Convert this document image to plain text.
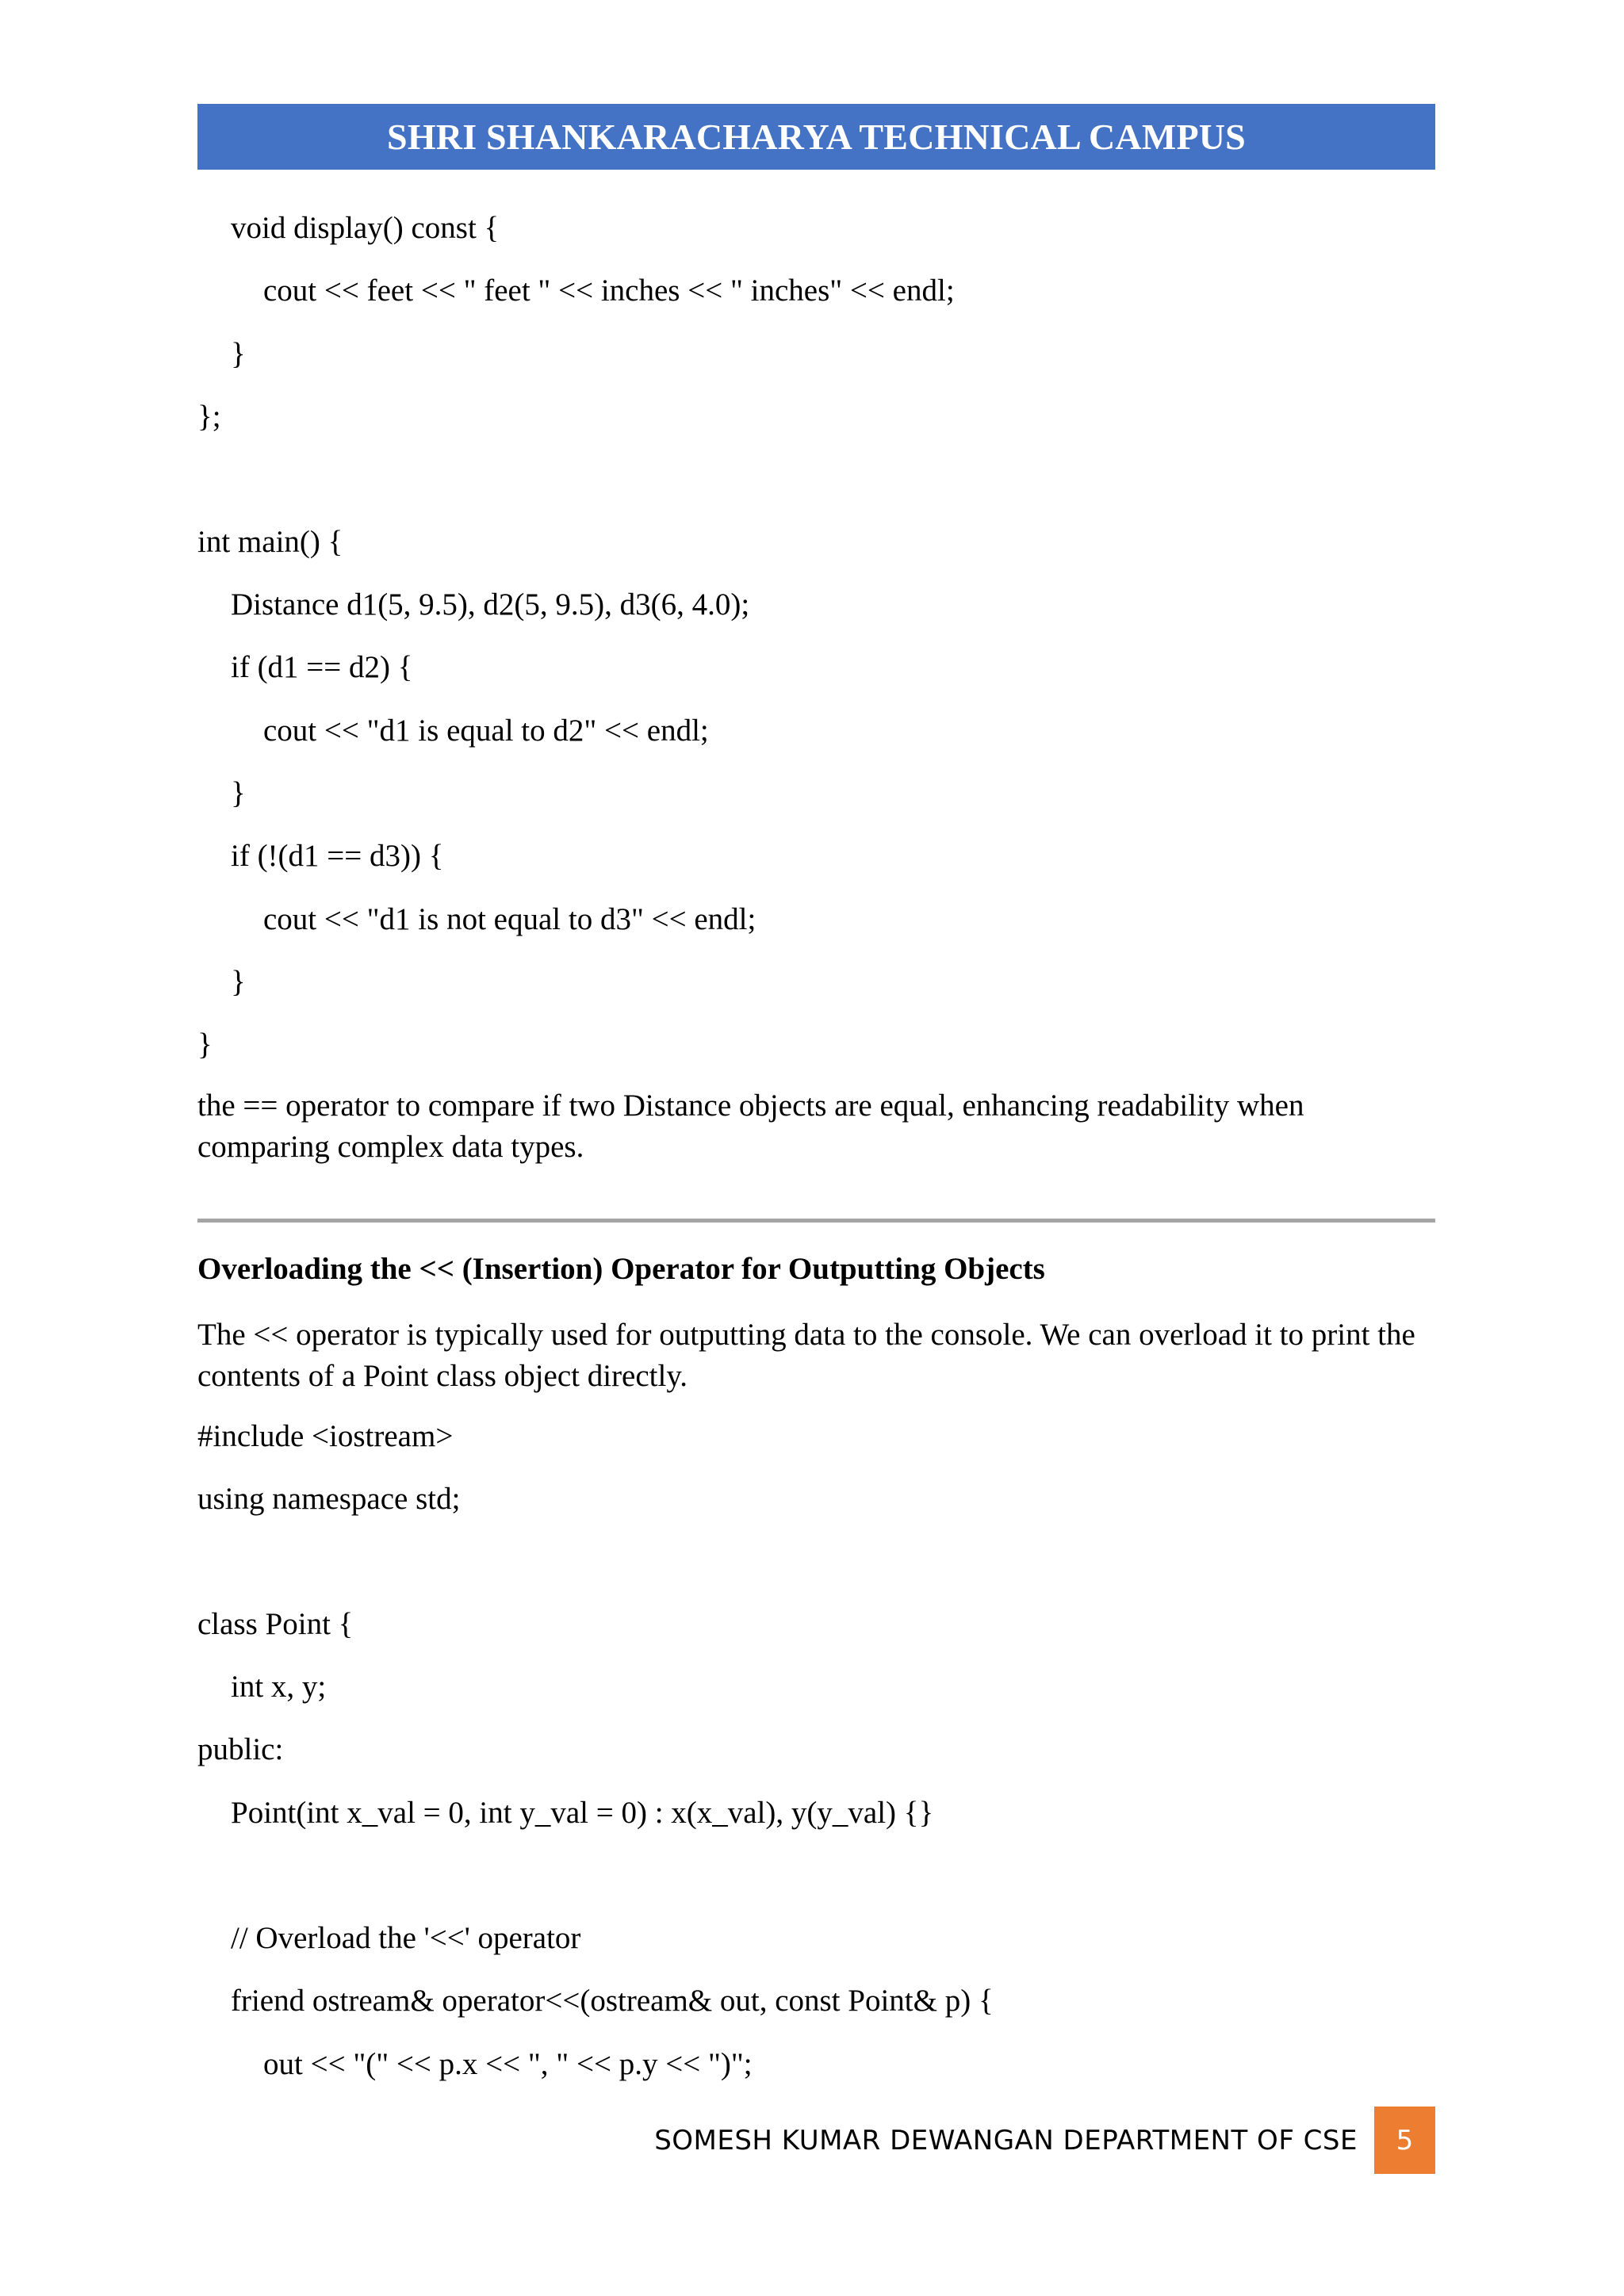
SHRI SHANKARACHARYA TECHNICAL CAMPUS
void display() const {
cout << feet << " feet " << inches << " inches" << endl;
}
};
int main() {
Distance d1(5, 9.5), d2(5, 9.5), d3(6, 4.0);
if (d1 == d2) {
cout << "d1 is equal to d2" << endl;
}
if (!(d1 == d3)) {
cout << "d1 is not equal to d3" << endl;
}
}
the == operator to compare if two Distance objects are equal, enhancing readability when comparing complex data types.
Overloading the << (Insertion) Operator for Outputting Objects
The << operator is typically used for outputting data to the console. We can overload it to print the contents of a Point class object directly.
#include <iostream>
using namespace std;
class Point {
int x, y;
public:
Point(int x_val = 0, int y_val = 0) : x(x_val), y(y_val) {}
// Overload the '<<' operator
friend ostream& operator<<(ostream& out, const Point& p) {
out << "(" << p.x << ", " << p.y << ")";
SOMESH KUMAR DEWANGAN DEPARTMENT OF CSE 5
